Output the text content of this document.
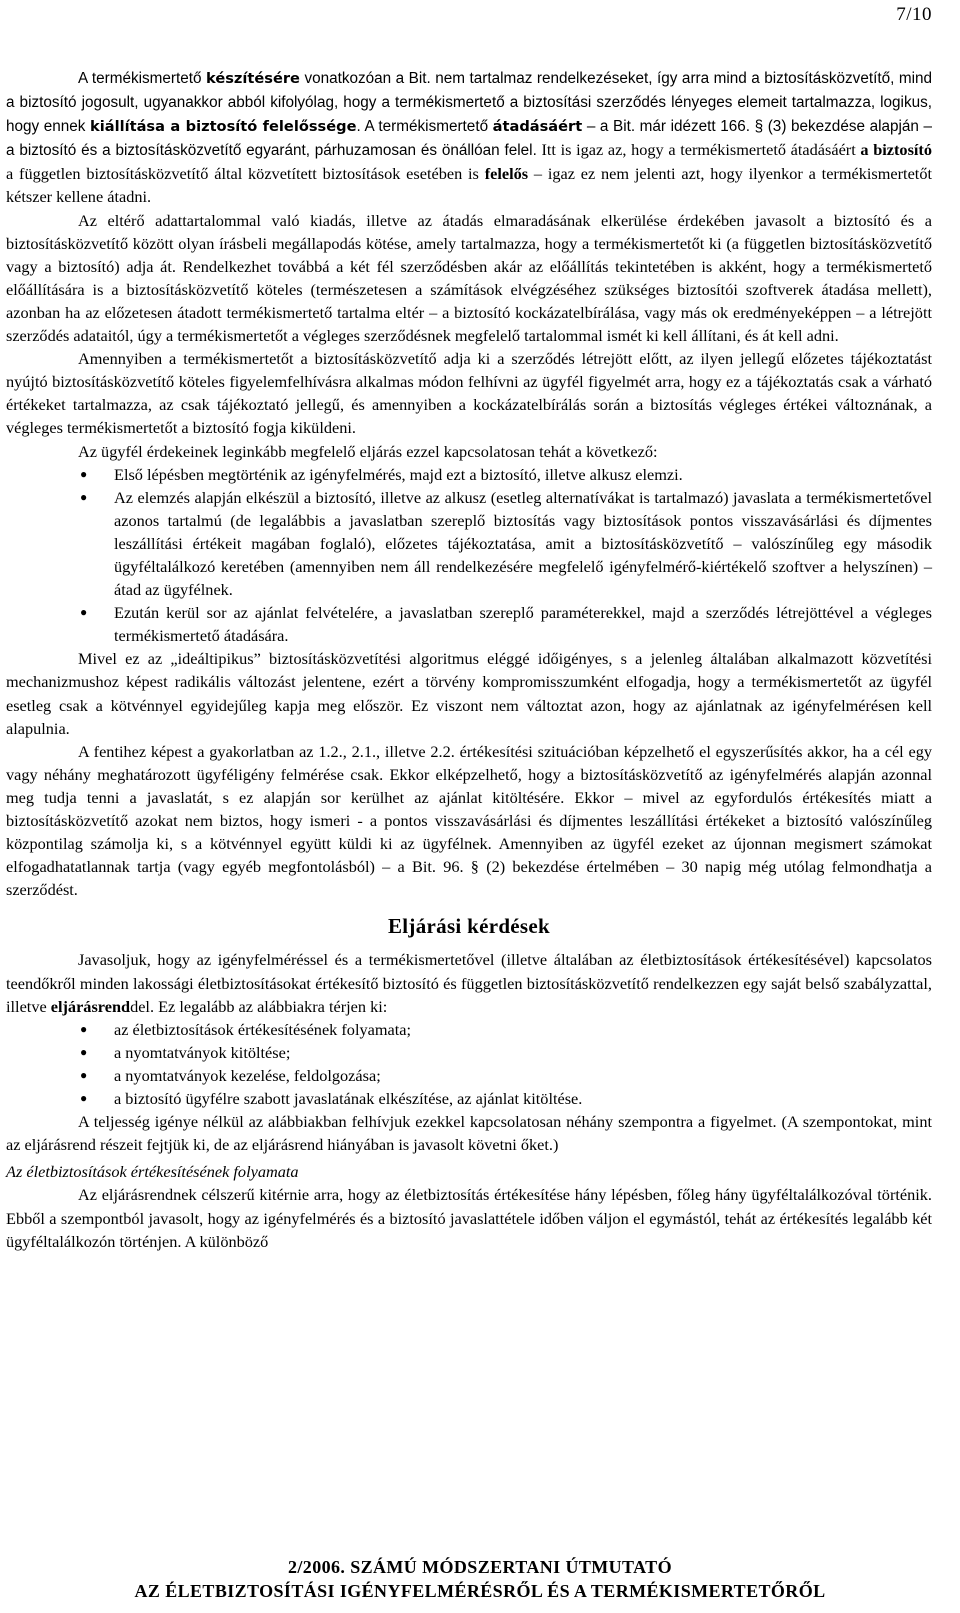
7/10

A termékismertető készítésére vonatkozóan a Bit. nem tartalmaz rendelkezéseket, így arra mind a biztosításközvetítő, mind a biztosító jogosult, ugyanakkor abból kifolyólag, hogy a termékismertető a biztosítási szerződés lényeges elemeit tartalmazza, logikus, hogy ennek kiállítása a biztosító felelőssége. A termékismertető átadásáért – a Bit. már idézett 166. § (3) bekezdése alapján – a biztosító és a biztosításközvetítő egyaránt, párhuzamosan és önállóan felel. Itt is igaz az, hogy a termékismertető átadásáért a biztosító a független biztosításközvetítő által közvetített biztosítások esetében is felelős – igaz ez nem jelenti azt, hogy ilyenkor a termékismertetőt kétszer kellene átadni.

Az eltérő adattartalommal való kiadás, illetve az átadás elmaradásának elkerülése érdekében javasolt a biztosító és a biztosításközvetítő között olyan írásbeli megállapodás kötése, amely tartalmazza, hogy a termékismertetőt ki (a független biztosításközvetítő vagy a biztosító) adja át. Rendelkezhet továbbá a két fél szerződésben akár az előállítás tekintetében is akként, hogy a termékismertető előállítására is a biztosításközvetítő köteles (természetesen a számítások elvégzéséhez szükséges biztosítói szoftverek átadása mellett), azonban ha az előzetesen átadott termékismertető tartalma eltér – a biztosító kockázatelbírálása, vagy más ok eredményeképpen – a létrejött szerződés adataitól, úgy a termékismertetőt a végleges szerződésnek megfelelő tartalommal ismét ki kell állítani, és át kell adni.

Amennyiben a termékismertetőt a biztosításközvetítő adja ki a szerződés létrejött előtt, az ilyen jellegű előzetes tájékoztatást nyújtó biztosításközvetítő köteles figyelemfelhívásra alkalmas módon felhívni az ügyfél figyelmét arra, hogy ez a tájékoztatás csak a várható értékeket tartalmazza, az csak tájékoztató jellegű, és amennyiben a kockázatelbírálás során a biztosítás végleges értékei változnának, a végleges termékismertetőt a biztosító fogja kiküldeni.

Az ügyfél érdekeinek leginkább megfelelő eljárás ezzel kapcsolatosan tehát a következő:

● Első lépésben megtörténik az igényfelmérés, majd ezt a biztosító, illetve alkusz elemzi.
● Az elemzés alapján elkészül a biztosító, illetve az alkusz (esetleg alternatívákat is tartalmazó) javaslata a termékismertetővel azonos tartalmú (de legalábbis a javaslatban szereplő biztosítás vagy biztosítások pontos visszavásárlási és díjmentes leszállítási értékeit magában foglaló), előzetes tájékoztatása, amit a biztosításközvetítő – valószínűleg egy második ügyféltalálkozó keretében (amennyiben nem áll rendelkezésére megfelelő igényfelmérő-kiértékelő szoftver a helyszínen) – átad az ügyfélnek.
● Ezután kerül sor az ajánlat felvételére, a javaslatban szereplő paraméterekkel, majd a szerződés létrejöttével a végleges termékismertető átadására.

Mivel ez az „ideáltipikus” biztosításközvetítési algoritmus eléggé időigényes, s a jelenleg általában alkalmazott közvetítési mechanizmushoz képest radikális változást jelentene, ezért a törvény kompromisszumként elfogadja, hogy a termékismertetőt az ügyfél esetleg csak a kötvénnyel egyidejűleg kapja meg először. Ez viszont nem változtat azon, hogy az ajánlatnak az igényfelmérésen kell alapulnia.

A fentihez képest a gyakorlatban az 1.2., 2.1., illetve 2.2. értékesítési szituációban képzelhető el egyszerűsítés akkor, ha a cél egy vagy néhány meghatározott ügyféligény felmérése csak. Ekkor elképzelhető, hogy a biztosításközvetítő az igényfelmérés alapján azonnal meg tudja tenni a javaslatát, s ez alapján sor kerülhet az ajánlat kitöltésére. Ekkor – mivel az egyfordulós értékesítés miatt a biztosításközvetítő azokat nem biztos, hogy ismeri - a pontos visszavásárlási és díjmentes leszállítási értékeket a biztosító valószínűleg központilag számolja ki, s a kötvénnyel együtt küldi ki az ügyfélnek. Amennyiben az ügyfél ezeket az újonnan megismert számokat elfogadhatatlannak tartja (vagy egyéb megfontolásból) – a Bit. 96. § (2) bekezdése értelmében – 30 napig még utólag felmondhatja a szerződést.

Eljárási kérdések

Javasoljuk, hogy az igényfelméréssel és a termékismertetővel (illetve általában az életbiztosítások értékesítésével) kapcsolatos teendőkről minden lakossági életbiztosításokat értékesítő biztosító és független biztosításközvetítő rendelkezzen egy saját belső szabályzattal, illetve eljárásrenddel. Ez legalább az alábbiakra térjen ki:

● az életbiztosítások értékesítésének folyamata;
● a nyomtatványok kitöltése;
● a nyomtatványok kezelése, feldolgozása;
● a biztosító ügyfélre szabott javaslatának elkészítése, az ajánlat kitöltése.

A teljesség igénye nélkül az alábbiakban felhívjuk ezekkel kapcsolatosan néhány szempontra a figyelmet. (A szempontokat, mint az eljárásrend részeit fejtjük ki, de az eljárásrend hiányában is javasolt követni őket.)

Az életbiztosítások értékesítésének folyamata

Az eljárásrendnek célszerű kitérnie arra, hogy az életbiztosítás értékesítése hány lépésben, főleg hány ügyféltalálkozóval történik. Ebből a szempontból javasolt, hogy az igényfelmérés és a biztosító javaslattétele időben váljon el egymástól, tehát az értékesítés legalább két ügyféltalálkozón történjen. A különböző

2/2006. SZÁMÚ MÓDSZERTANI ÚTMUTATÓ
AZ ÉLETBIZTOSÍTÁSI IGÉNYFELMÉRÉSRŐL ÉS A TERMÉKISMERTETŐRŐL
